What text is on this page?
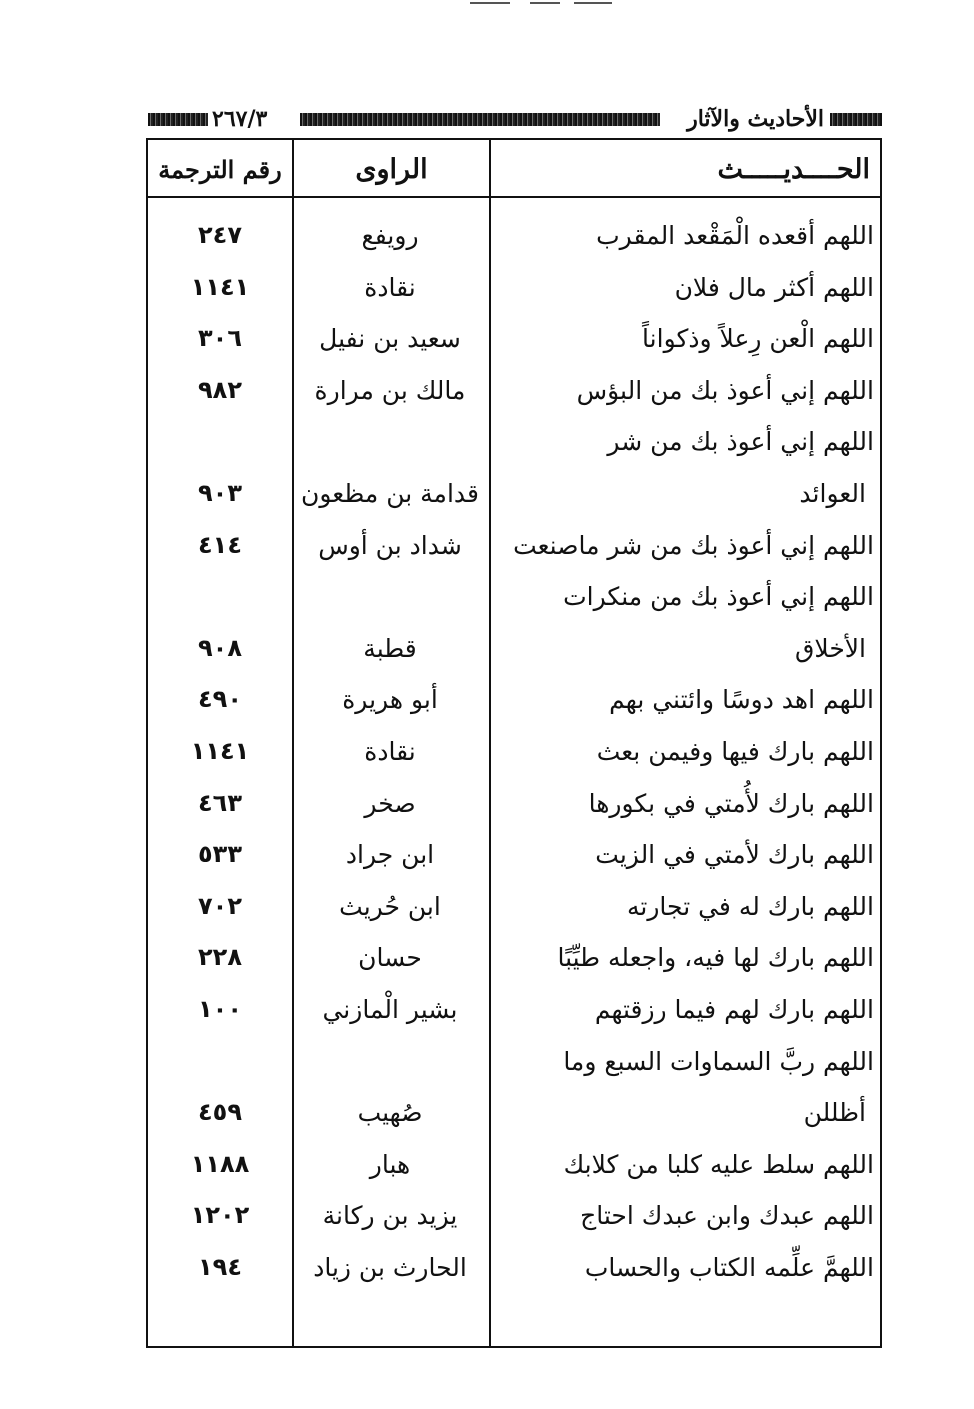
٢٦٧/٣	الأحاديث والآثار
الحــــديـــــث
الراوى
رقم الترجمة
اللهم أقعده الْمَقْعد المقرب
رويفع
٢٤٧
اللهم أكثر مال فلان
نقادة
١١٤١
اللهم الْعن رِعلاً وذكواناً
سعيد بن نفيل
٣٠٦
اللهم إني أعوذ بك من البؤس
مالك بن مرارة
٩٨٢
اللهم إني أعوذ بك من شر
العوائد
قدامة بن مظعون
٩٠٣
اللهم إني أعوذ بك من شر ماصنعت
شداد بن أوس
٤١٤
اللهم إني أعوذ بك من منكرات
الأخلاق
قطبة
٩٠٨
اللهم اهد دوسًا وائتني بهم
أبو هريرة
٤٩٠
اللهم بارك فيها وفيمن بعث
نقادة
١١٤١
اللهم بارك لأُمتي في بكورها
صخر
٤٦٣
اللهم بارك لأمتي في الزيت
ابن جراد
٥٣٣
اللهم بارك له في تجارته
ابن حُريث
٧٠٢
اللهم بارك لها فيه، واجعله طيِّبًا
حسان
٢٢٨
اللهم بارك لهم فيما رزقتهم
بشير الْمازني
١٠٠
اللهم ربَّ السماوات السبع وما
أظللن
صُهيب
٤٥٩
اللهم سلط عليه كلبا من كلابك
هبار
١١٨٨
اللهم عبدك وابن عبدك احتاج
يزيد بن ركانة
١٢٠٢
اللهمَّ علِّمه الكتاب والحساب
الحارث بن زياد
١٩٤
